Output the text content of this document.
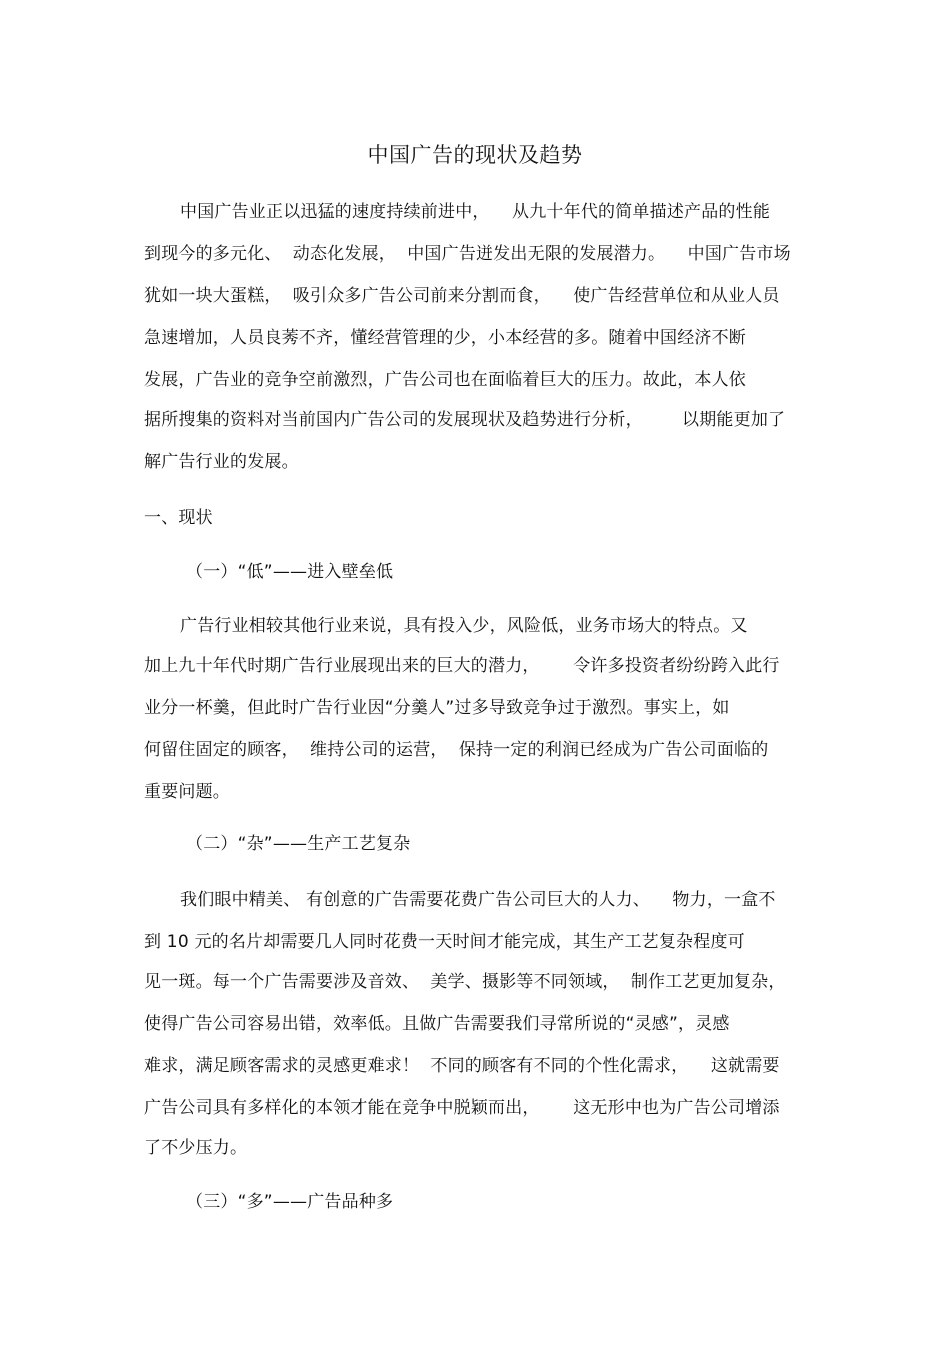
中国广告的现状及趋势
中国广告业正以迅猛的速度持续前进中，    从九十年代的简单描述产品的性能
到现今的多元化、  动态化发展，  中国广告迸发出无限的发展潜力。    中国广告市场
犹如一块大蛋糕，  吸引众多广告公司前来分割而食，    使广告经营单位和从业人员
急速增加，人员良莠不齐，懂经营管理的少，小本经营的多。随着中国经济不断
发展，广告业的竞争空前激烈，广告公司也在面临着巨大的压力。故此，本人依
据所搜集的资料对当前国内广告公司的发展现状及趋势进行分析，       以期能更加了
解广告行业的发展。
一、现状
（一）“低”——进入壁垒低
广告行业相较其他行业来说，具有投入少，风险低，业务市场大的特点。又
加上九十年代时期广告行业展现出来的巨大的潜力，      令许多投资者纷纷跨入此行
业分一杯羹，但此时广告行业因“分羹人”过多导致竞争过于激烈。事实上，如
何留住固定的顾客，  维持公司的运营，  保持一定的利润已经成为广告公司面临的
重要问题。
（二）“杂”——生产工艺复杂
我们眼中精美、 有创意的广告需要花费广告公司巨大的人力、    物力，一盒不
到 10 元的名片却需要几人同时花费一天时间才能完成，其生产工艺复杂程度可
见一斑。每一个广告需要涉及音效、  美学、摄影等不同领域，  制作工艺更加复杂，
使得广告公司容易出错，效率低。且做广告需要我们寻常所说的“灵感”，灵感
难求，满足顾客需求的灵感更难求！  不同的顾客有不同的个性化需求，    这就需要
广告公司具有多样化的本领才能在竞争中脱颖而出，      这无形中也为广告公司增添
了不少压力。
（三）“多”——广告品种多
